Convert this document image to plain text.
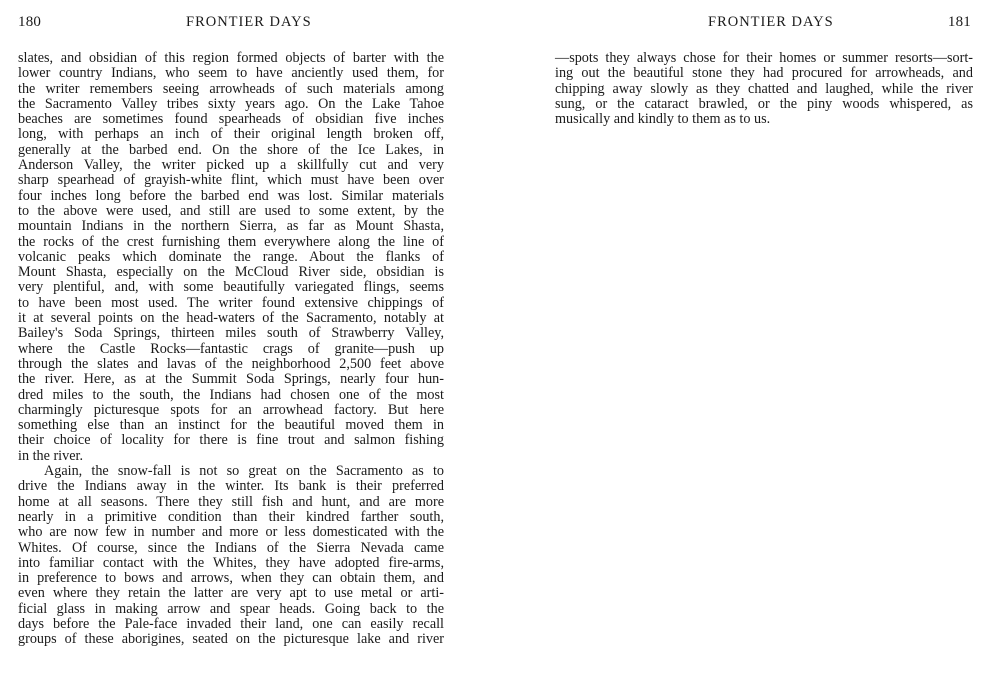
180	FRONTIER DAYS
slates, and obsidian of this region formed objects of barter with the
lower country Indians, who seem to have anciently used them, for
the writer remembers seeing arrowheads of such materials among
the Sacramento Valley tribes sixty years ago. On the Lake Tahoe
beaches are sometimes found spearheads of obsidian five inches
long, with perhaps an inch of their original length broken off,
generally at the barbed end. On the shore of the Ice Lakes, in
Anderson Valley, the writer picked up a skillfully cut and very
sharp spearhead of grayish-white flint, which must have been over
four inches long before the barbed end was lost. Similar materials
to the above were used, and still are used to some extent, by the
mountain Indians in the northern Sierra, as far as Mount Shasta,
the rocks of the crest furnishing them everywhere along the line of
volcanic peaks which dominate the range. About the flanks of
Mount Shasta, especially on the McCloud River side, obsidian is
very plentiful, and, with some beautifully variegated flings, seems
to have been most used. The writer found extensive chippings of
it at several points on the head-waters of the Sacramento, notably at
Bailey's Soda Springs, thirteen miles south of Strawberry Valley,
where the Castle Rocks—fantastic crags of granite—push up
through the slates and lavas of the neighborhood 2,500 feet above
the river. Here, as at the Summit Soda Springs, nearly four hun-
dred miles to the south, the Indians had chosen one of the most
charmingly picturesque spots for an arrowhead factory. But here
something else than an instinct for the beautiful moved them in
their choice of locality for there is fine trout and salmon fishing
in the river.
Again, the snow-fall is not so great on the Sacramento as to
drive the Indians away in the winter. Its bank is their preferred
home at all seasons. There they still fish and hunt, and are more
nearly in a primitive condition than their kindred farther south,
who are now few in number and more or less domesticated with the
Whites. Of course, since the Indians of the Sierra Nevada came
into familiar contact with the Whites, they have adopted fire-arms,
in preference to bows and arrows, when they can obtain them, and
even where they retain the latter are very apt to use metal or arti-
ficial glass in making arrow and spear heads. Going back to the
days before the Pale-face invaded their land, one can easily recall
groups of these aborigines, seated on the picturesque lake and river
FRONTIER DAYS	181
—spots they always chose for their homes or summer resorts—sort-
ing out the beautiful stone they had procured for arrowheads, and
chipping away slowly as they chatted and laughed, while the river
sung, or the cataract brawled, or the piny woods whispered, as
musically and kindly to them as to us.
